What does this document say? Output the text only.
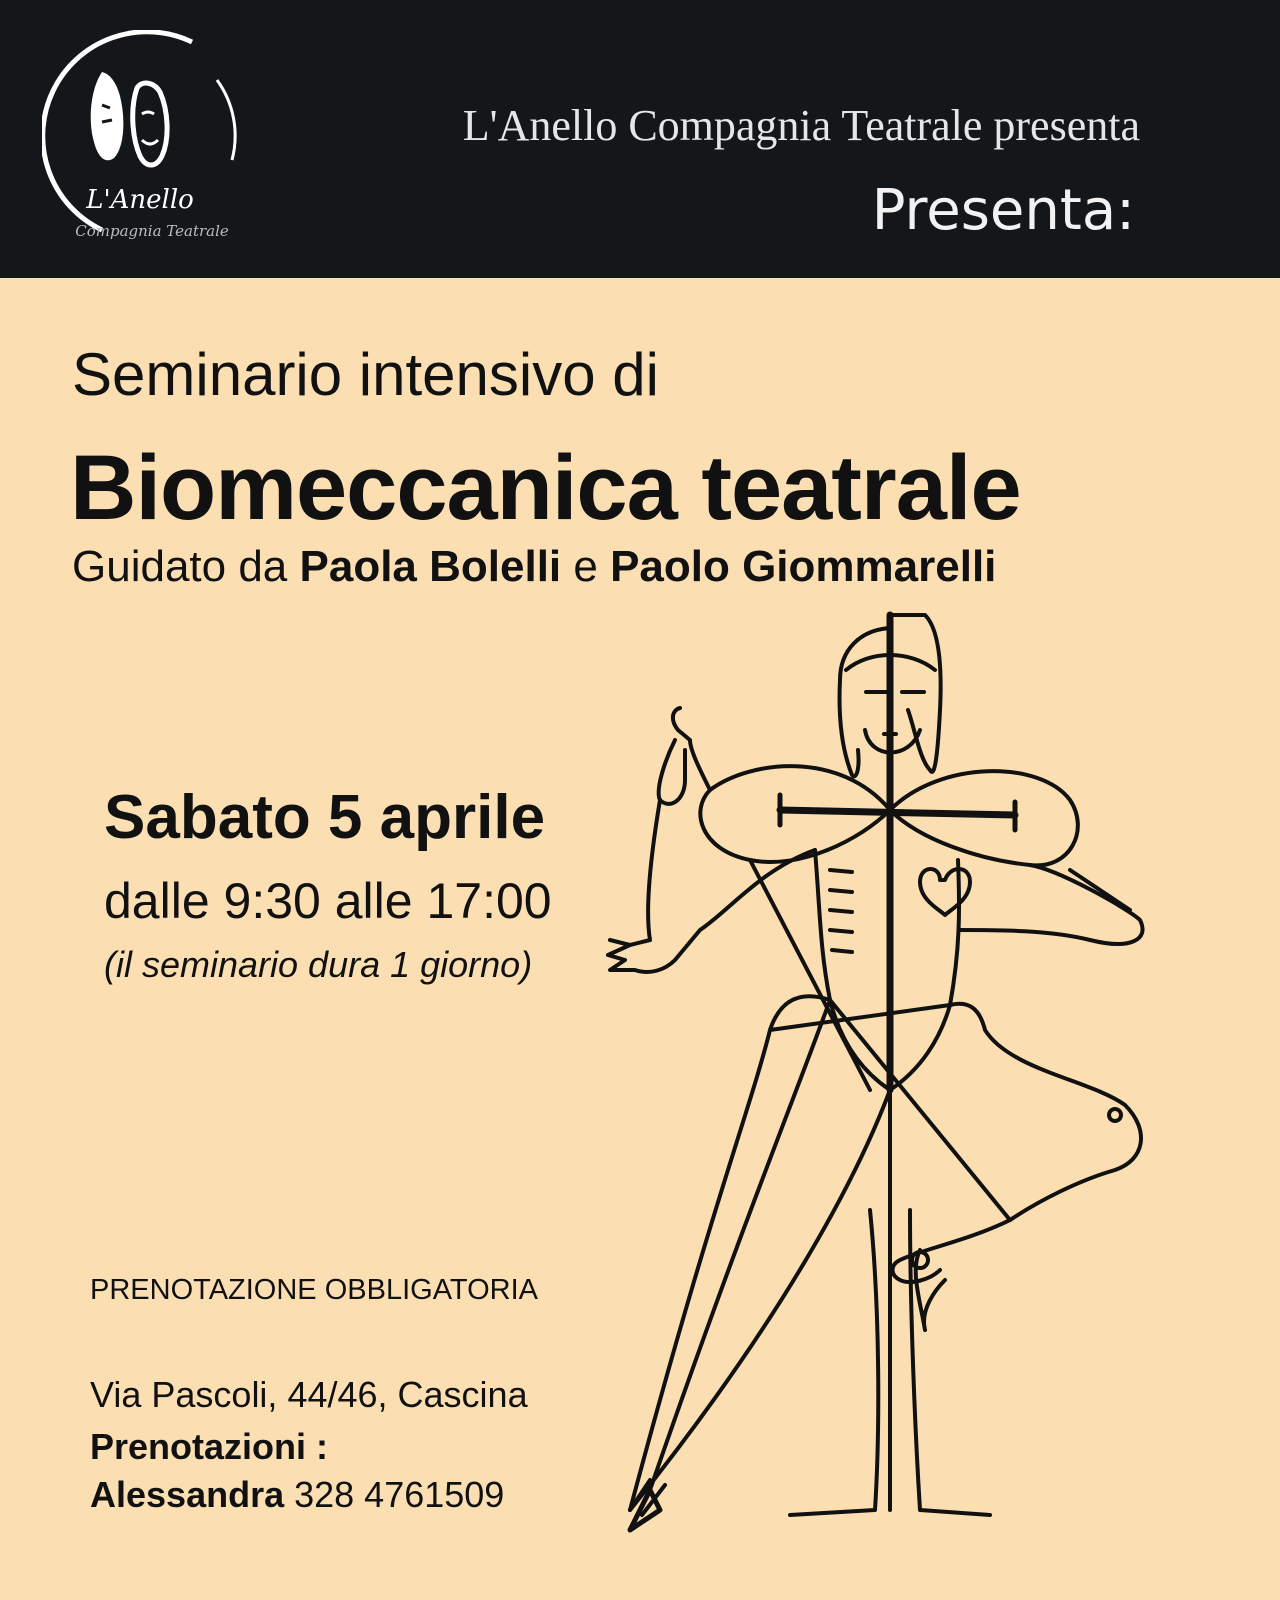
L'Anello
Compagnia Teatrale
L'Anello Compagnia Teatrale presenta
Presenta:
Seminario intensivo di
Biomeccanica teatrale
Guidato da Paola Bolelli e Paolo Giommarelli
Sabato 5 aprile
dalle 9:30 alle 17:00
(il seminario dura 1 giorno)
PRENOTAZIONE OBBLIGATORIA
Via Pascoli, 44/46, Cascina
Prenotazioni :
Alessandra 328 4761509
